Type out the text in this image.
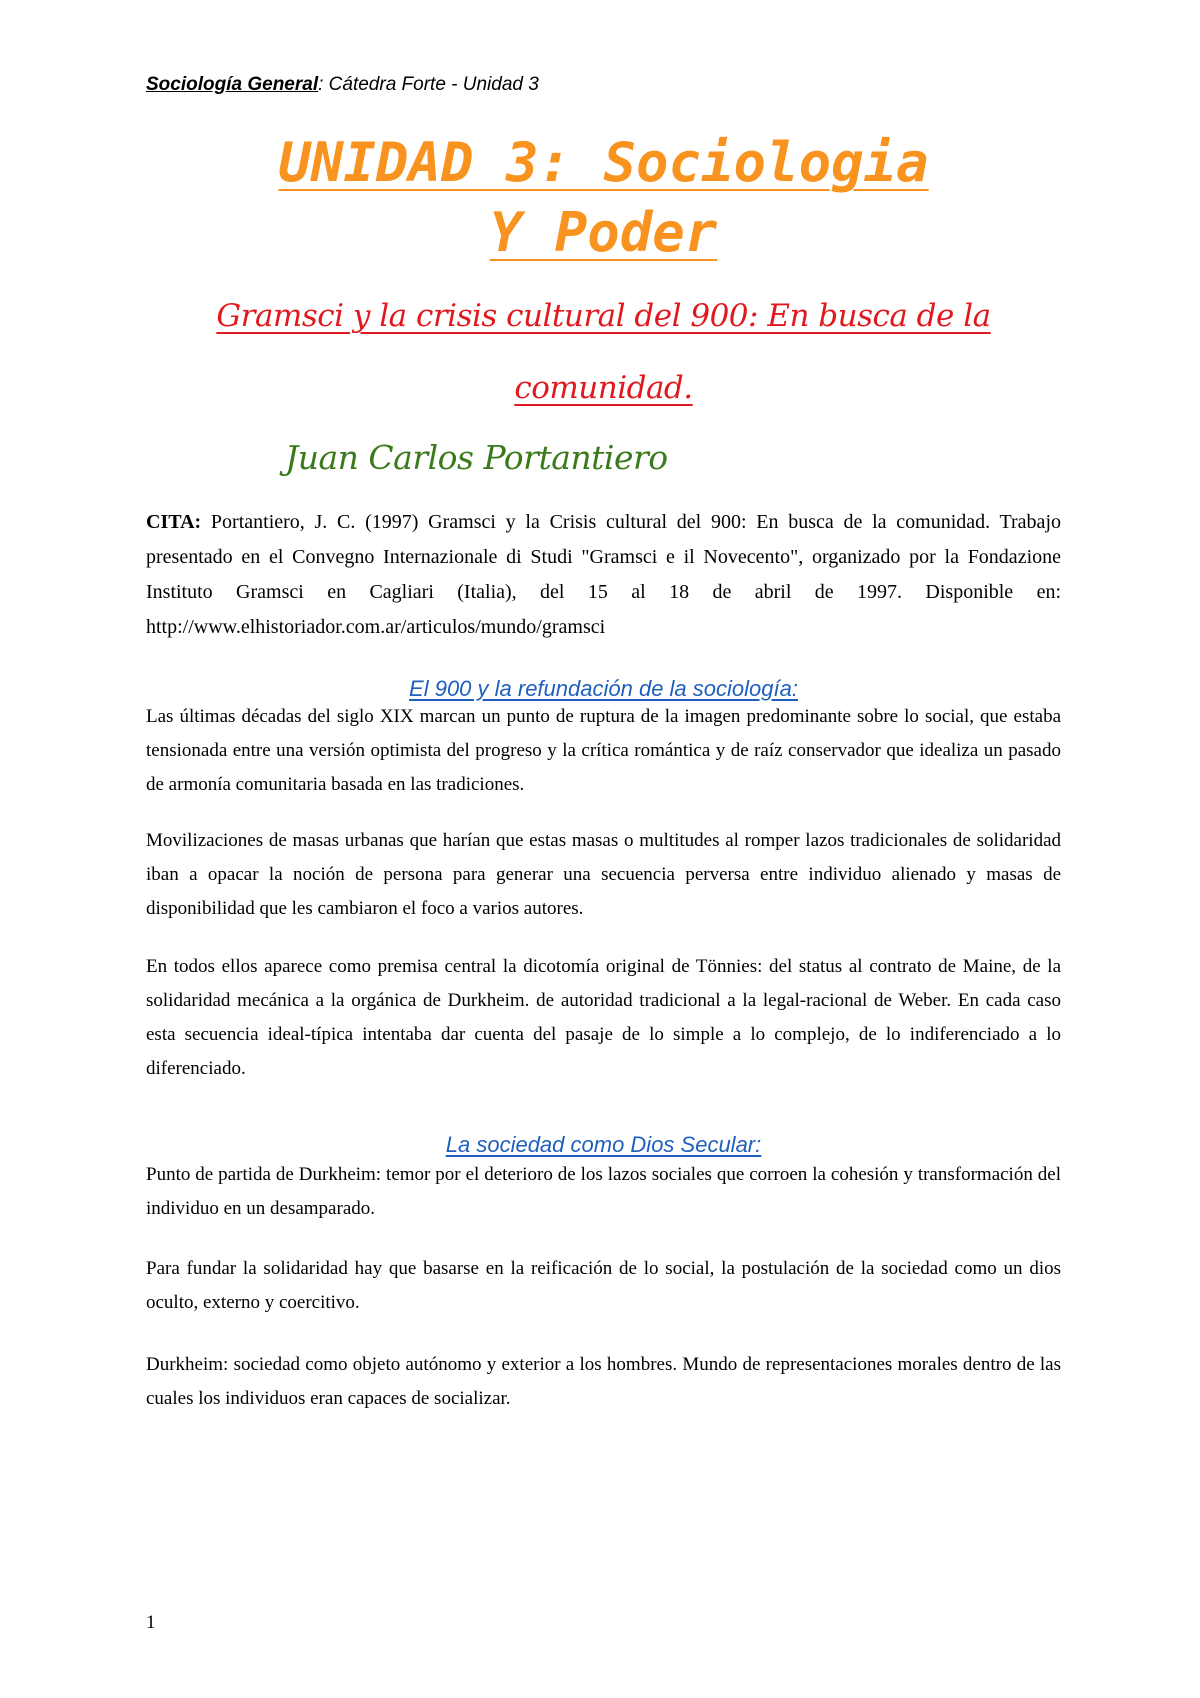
Sociología General: Cátedra Forte - Unidad 3
UNIDAD 3: Sociologia
Y Poder
Gramsci y la crisis cultural del 900: En busca de la
comunidad.
Juan Carlos Portantiero
CITA: Portantiero, J. C. (1997) Gramsci y la Crisis cultural del 900: En busca de la comunidad. Trabajo presentado en el Convegno Internazionale di Studi "Gramsci e il Novecento", organizado por la Fondazione Instituto Gramsci en Cagliari (Italia), del 15 al 18 de abril de 1997. Disponible en: http://www.elhistoriador.com.ar/articulos/mundo/gramsci
El 900 y la refundación de la sociología:
Las últimas décadas del siglo XIX marcan un punto de ruptura de la imagen predominante sobre lo social, que estaba tensionada entre una versión optimista del progreso y la crítica romántica y de raíz conservador que idealiza un pasado de armonía comunitaria basada en las tradiciones.
Movilizaciones de masas urbanas que harían que estas masas o multitudes al romper lazos tradicionales de solidaridad iban a opacar la noción de persona para generar una secuencia perversa entre individuo alienado y masas de disponibilidad que les cambiaron el foco a varios autores.
En todos ellos aparece como premisa central la dicotomía original de Tönnies: del status al contrato de Maine, de la solidaridad mecánica a la orgánica de Durkheim. de autoridad tradicional a la legal-racional de Weber. En cada caso esta secuencia ideal-típica intentaba dar cuenta del pasaje de lo simple a lo complejo, de lo indiferenciado a lo diferenciado.
La sociedad como Dios Secular:
Punto de partida de Durkheim: temor por el deterioro de los lazos sociales que corroen la cohesión y transformación del individuo en un desamparado.
Para fundar la solidaridad hay que basarse en la reificación de lo social, la postulación de la sociedad como un dios oculto, externo y coercitivo.
Durkheim: sociedad como objeto autónomo y exterior a los hombres. Mundo de representaciones morales dentro de las cuales los individuos eran capaces de socializar.
1
